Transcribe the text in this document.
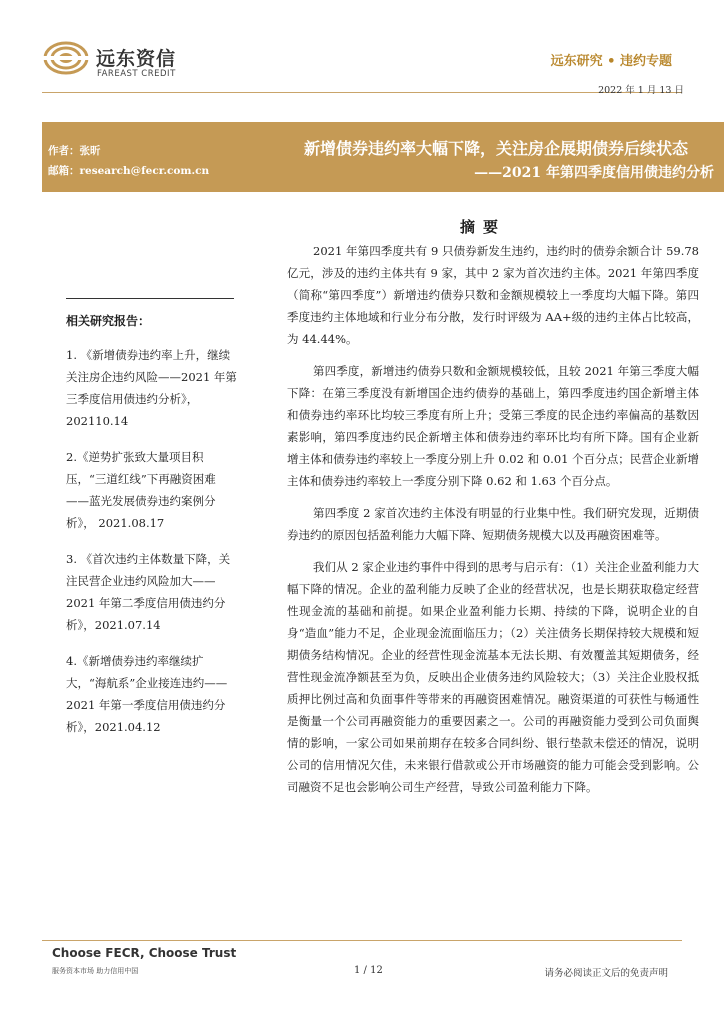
远东资信
FAREAST CREDIT
远东研究 • 违约专题
2022 年 1 月 13 日
作者：张昕
邮箱：research@fecr.com.cn
新增债券违约率大幅下降，关注房企展期债券后续状态
——2021 年第四季度信用债违约分析
相关研究报告：
1. 《新增债券违约率上升，继续关注房企违约风险——2021 年第三季度信用债违约分析》， 202110.14
2.《逆势扩张致大量项目积压，“三道红线”下再融资困难——蓝光发展债券违约案例分析》， 2021.08.17
3. 《首次违约主体数量下降，关注民营企业违约风险加大——2021 年第二季度信用债违约分析》，2021.07.14
4.《新增债券违约率继续扩大，“海航系”企业接连违约——2021 年第一季度信用债违约分析》，2021.04.12
摘要

2021 年第四季度共有 9 只债券新发生违约，违约时的债券余额合计 59.78 亿元，涉及的违约主体共有 9 家，其中 2 家为首次违约主体。2021 年第四季度（简称“第四季度”）新增违约债券只数和金额规模较上一季度均大幅下降。第四季度违约主体地域和行业分布分散，发行时评级为 AA+级的违约主体占比较高，为 44.44%。

第四季度，新增违约债券只数和金额规模较低，且较 2021 年第三季度大幅下降：在第三季度没有新增国企违约债券的基础上，第四季度违约国企新增主体和债券违约率环比均较三季度有所上升；受第三季度的民企违约率偏高的基数因素影响，第四季度违约民企新增主体和债券违约率环比均有所下降。国有企业新增主体和债券违约率较上一季度分别上升 0.02 和 0.01 个百分点；民营企业新增主体和债券违约率较上一季度分别下降 0.62 和 1.63 个百分点。

第四季度 2 家首次违约主体没有明显的行业集中性。我们研究发现，近期债券违约的原因包括盈利能力大幅下降、短期债务规模大以及再融资困难等。

我们从 2 家企业违约事件中得到的思考与启示有：（1）关注企业盈利能力大幅下降的情况。企业的盈利能力反映了企业的经营状况，也是长期获取稳定经营性现金流的基础和前提。如果企业盈利能力长期、持续的下降，说明企业的自身“造血”能力不足，企业现金流面临压力；（2）关注债务长期保持较大规模和短期债务结构情况。企业的经营性现金流基本无法长期、有效覆盖其短期债务，经营性现金流净额甚至为负，反映出企业债务违约风险较大；（3）关注企业股权抵质押比例过高和负面事件等带来的再融资困难情况。融资渠道的可获性与畅通性是衡量一个公司再融资能力的重要因素之一。公司的再融资能力受到公司负面舆情的影响，一家公司如果前期存在较多合同纠纷、银行垫款未偿还的情况，说明公司的信用情况欠佳，未来银行借款或公开市场融资的能力可能会受到影响。公司融资不足也会影响公司生产经营，导致公司盈利能力下降。

Choose FECR, Choose Trust
服务资本市场 助力信用中国	1 / 12	请务必阅读正文后的免责声明
